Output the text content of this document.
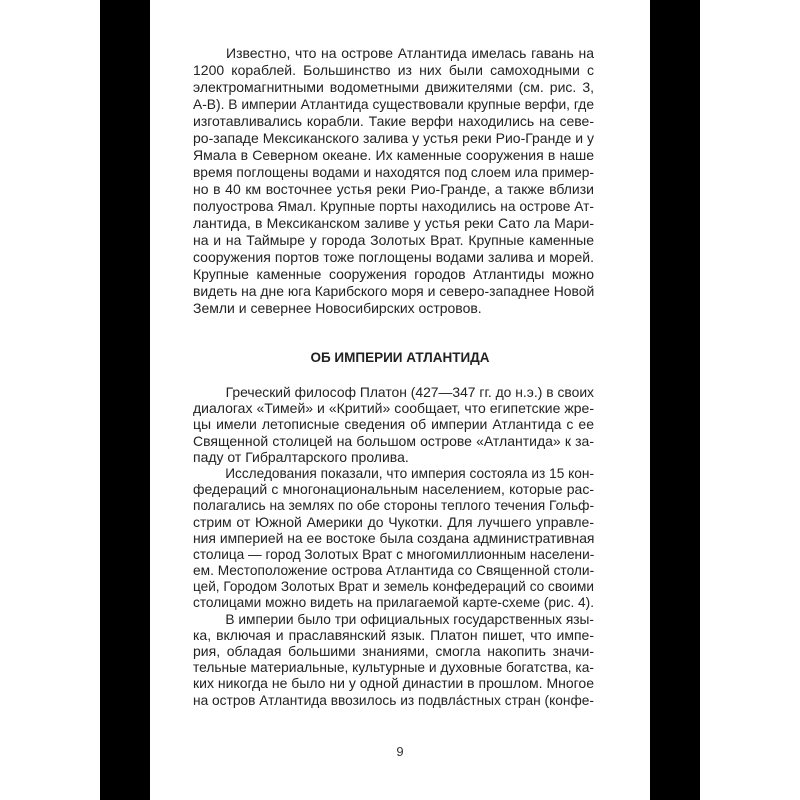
Известно, что на острове Атлантида имелась гавань на
1200 кораблей. Большинство из них были самоходными с
электромагнитными водометными движителями (см. рис. 3,
А-В). В империи Атлантида существовали крупные верфи, где
изготавливались корабли. Такие верфи находились на севе-
ро-западе Мексиканского залива у устья реки Рио-Гранде и у
Ямала в Северном океане. Их каменные сооружения в наше
время поглощены водами и находятся под слоем ила пример-
но в 40 км восточнее устья реки Рио-Гранде, а также вблизи
полуострова Ямал. Крупные порты находились на острове Ат-
лантида, в Мексиканском заливе у устья реки Сато ла Мари-
на и на Таймыре у города Золотых Врат. Крупные каменные
сооружения портов тоже поглощены водами залива и морей.
Крупные каменные сооружения городов Атлантиды можно
видеть на дне юга Карибского моря и северо-западнее Новой
Земли и севернее Новосибирских островов.
ОБ ИМПЕРИИ АТЛАНТИДА
Греческий философ Платон (427—347 гг. до н.э.) в своих
диалогах «Тимей» и «Критий» сообщает, что египетские жре-
цы имели летописные сведения об империи Атлантида с ее
Священной столицей на большом острове «Атлантида» к за-
паду от Гибралтарского пролива.
Исследования показали, что империя состояла из 15 кон-
федераций с многонациональным населением, которые рас-
полагались на землях по обе стороны теплого течения Гольф-
стрим от Южной Америки до Чукотки. Для лучшего управле-
ния империей на ее востоке была создана административная
столица — город Золотых Врат с многомиллионным населени-
ем. Местоположение острова Атлантида со Священной столи-
цей, Городом Золотых Врат и земель конфедераций со своими
столицами можно видеть на прилагаемой карте-схеме (рис. 4).
В империи было три официальных государственных язы-
ка, включая и праславянский язык. Платон пишет, что импе-
рия, обладая большими знаниями, смогла накопить значи-
тельные материальные, культурные и духовные богатства, ка-
ких никогда не было ни у одной династии в прошлом. Многое
на остров Атлантида ввозилось из подвла́стных стран (конфе-
9
